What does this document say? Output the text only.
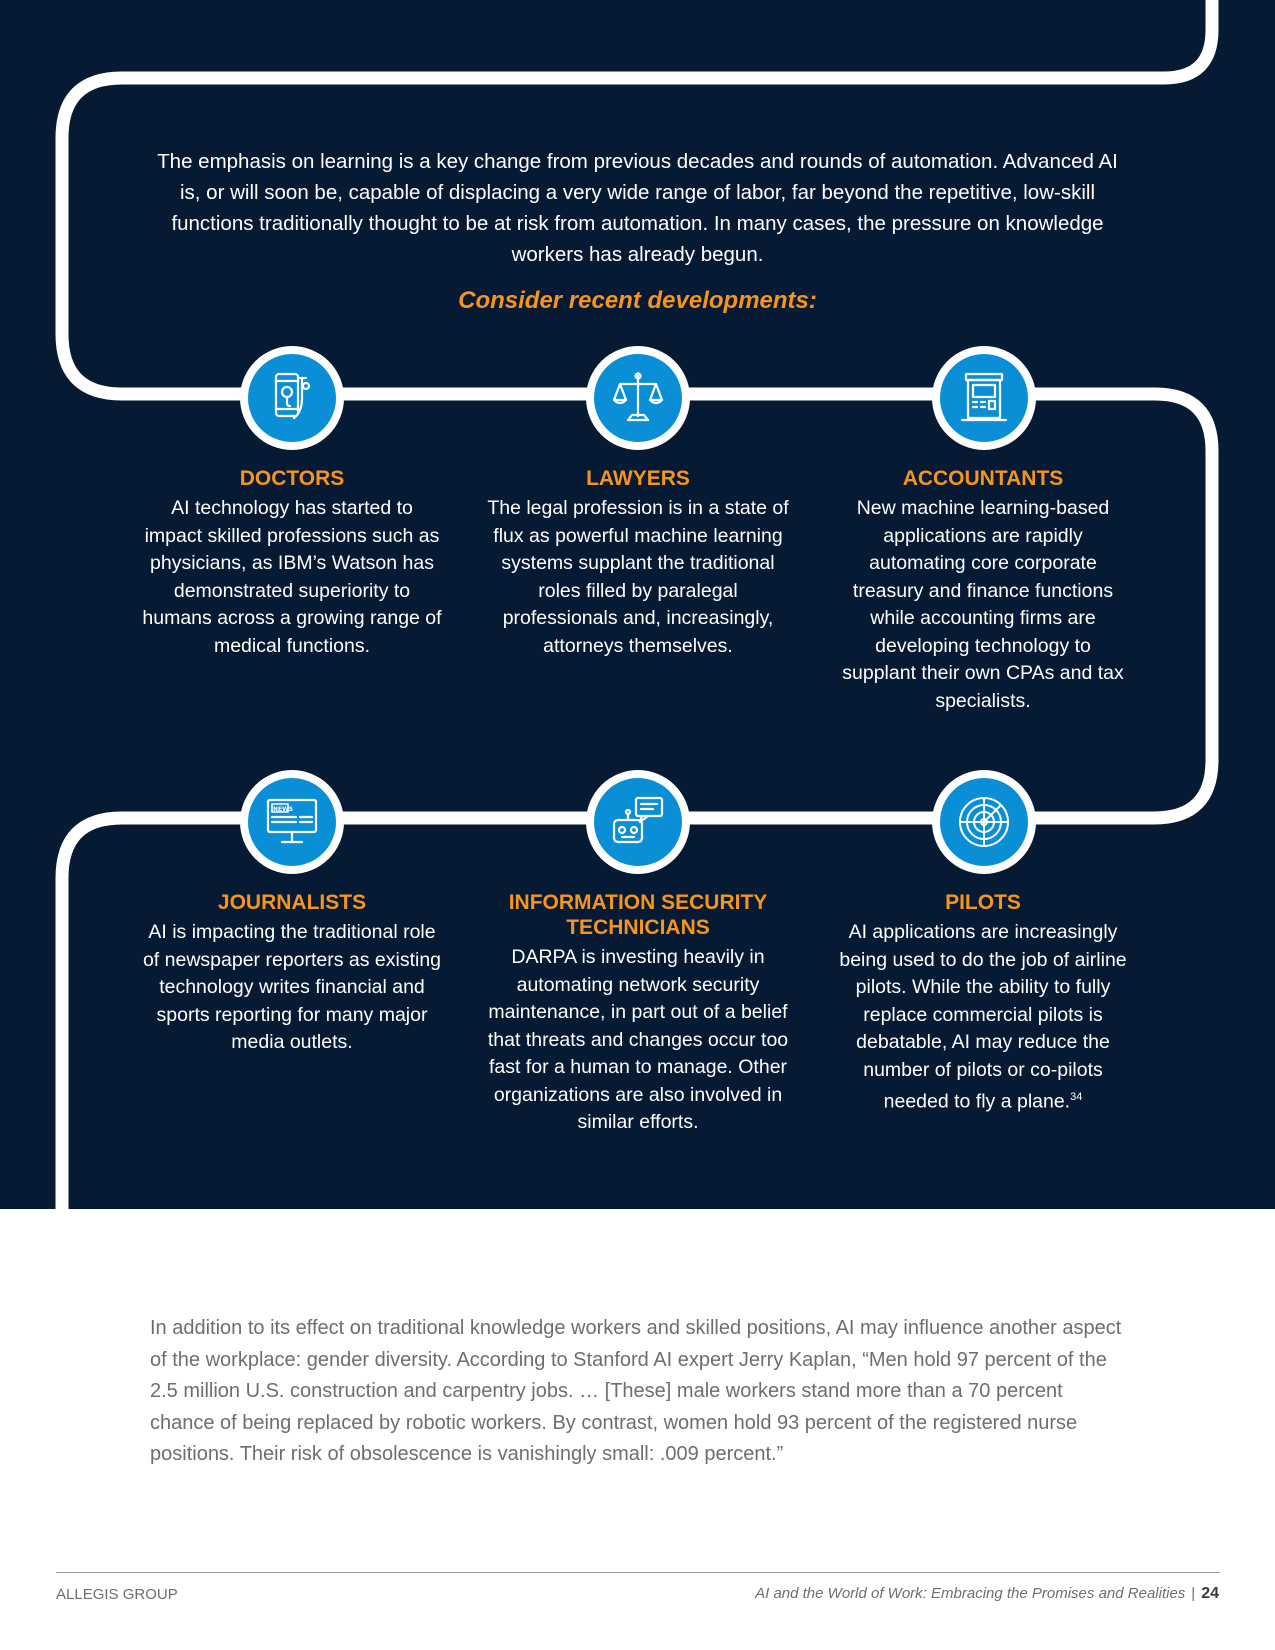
The emphasis on learning is a key change from previous decades and rounds of automation. Advanced AI is, or will soon be, capable of displacing a very wide range of labor, far beyond the repetitive, low-skill functions traditionally thought to be at risk from automation. In many cases, the pressure on knowledge workers has already begun.

Consider recent developments:
NEWS
DOCTORS

AI technology has started to impact skilled professions such as physicians, as IBM’s Watson has demonstrated superiority to humans across a growing range of medical functions.

LAWYERS

The legal profession is in a state of flux as powerful machine learning systems supplant the traditional roles filled by paralegal professionals and, increasingly, attorneys themselves.

ACCOUNTANTS

New machine learning-based applications are rapidly automating core corporate treasury and finance functions while accounting firms are developing technology to supplant their own CPAs and tax specialists.

JOURNALISTS

AI is impacting the traditional role of newspaper reporters as existing technology writes financial and sports reporting for many major media outlets.

INFORMATION SECURITY TECHNICIANS

DARPA is investing heavily in automating network security maintenance, in part out of a belief that threats and changes occur too fast for a human to manage. Other organizations are also involved in similar efforts.

PILOTS

AI applications are increasingly being used to do the job of airline pilots. While the ability to fully replace commercial pilots is debatable, AI may reduce the number of pilots or co-pilots needed to fly a plane.$^{34}$

In addition to its effect on traditional knowledge workers and skilled positions, AI may influence another aspect of the workplace: gender diversity. According to Stanford AI expert Jerry Kaplan, “Men hold 97 percent of the 2.5 million U.S. construction and carpentry jobs. … [These] male workers stand more than a 70 percent chance of being replaced by robotic workers. By contrast, women hold 93 percent of the registered nurse positions. Their risk of obsolescence is vanishingly small: .009 percent.”

ALLEGIS GROUP	AI and the World of Work: Embracing the Promises and Realities | 24
